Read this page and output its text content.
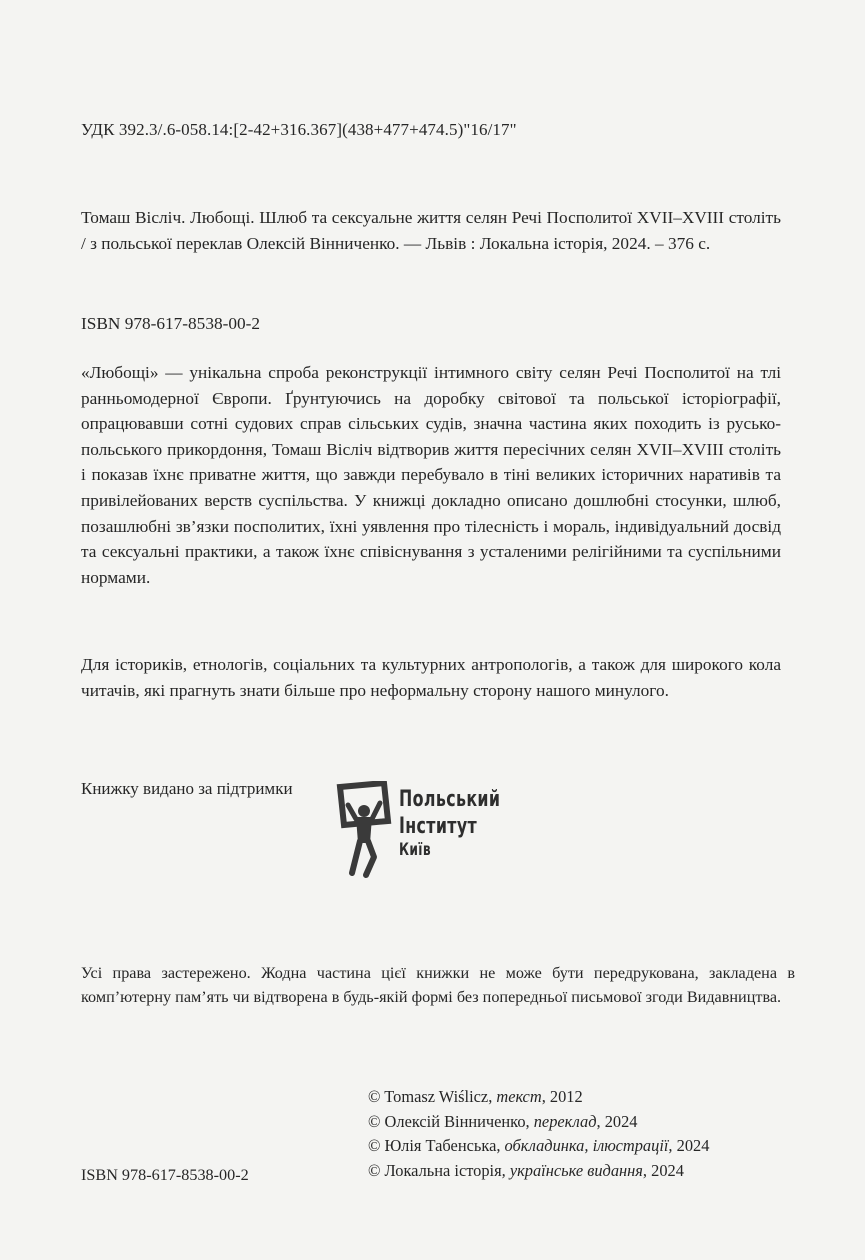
УДК 392.3/.6-058.14:[2-42+316.367](438+477+474.5)"16/17"

Томаш Вісліч. Любощі. Шлюб та сексуальне життя селян Речі Посполитої XVII–XVIII століть / з польської переклав Олексій Вінниченко. — Львів : Локальна історія, 2024. – 376 с.

ISBN 978-617-8538-00-2

«Любощі» — унікальна спроба реконструкції інтимного світу селян Речі Посполитої на тлі ранньомодерної Європи. Ґрунтуючись на доробку світової та польської історіографії, опрацювавши сотні судових справ сільських судів, значна частина яких походить із русько-польського прикордоння, Томаш Вісліч відтворив життя пересічних селян XVII–XVIII століть і показав їхнє приватне життя, що завжди перебувало в тіні великих історичних наративів та привілейованих верств суспільства. У книжці докладно описано дошлюбні стосунки, шлюб, позашлюбні зв’язки посполитих, їхні уявлення про тілесність і мораль, індивідуальний досвід та сексуальні практики, а також їхнє співіснування з усталеними релігійними та суспільними нормами.

Для істориків, етнологів, соціальних та культурних антропологів, а також для широкого кола читачів, які прагнуть знати більше про неформальну сторону нашого минулого.

Книжку видано за підтримки	Польський
Інститут
Київ

Усі права застережено. Жодна частина цієї книжки не може бути передрукована, закладена в комп’ютерну пам’ять чи відтворена в будь-якій формі без попередньої письмової згоди Видавництва.

© Tomasz Wiślicz, текст, 2012

© Олексій Вінниченко, переклад, 2024

© Юлія Табенська, обкладинка, ілюстрації, 2024

© Локальна історія, українське видання, 2024

ISBN 978-617-8538-00-2
